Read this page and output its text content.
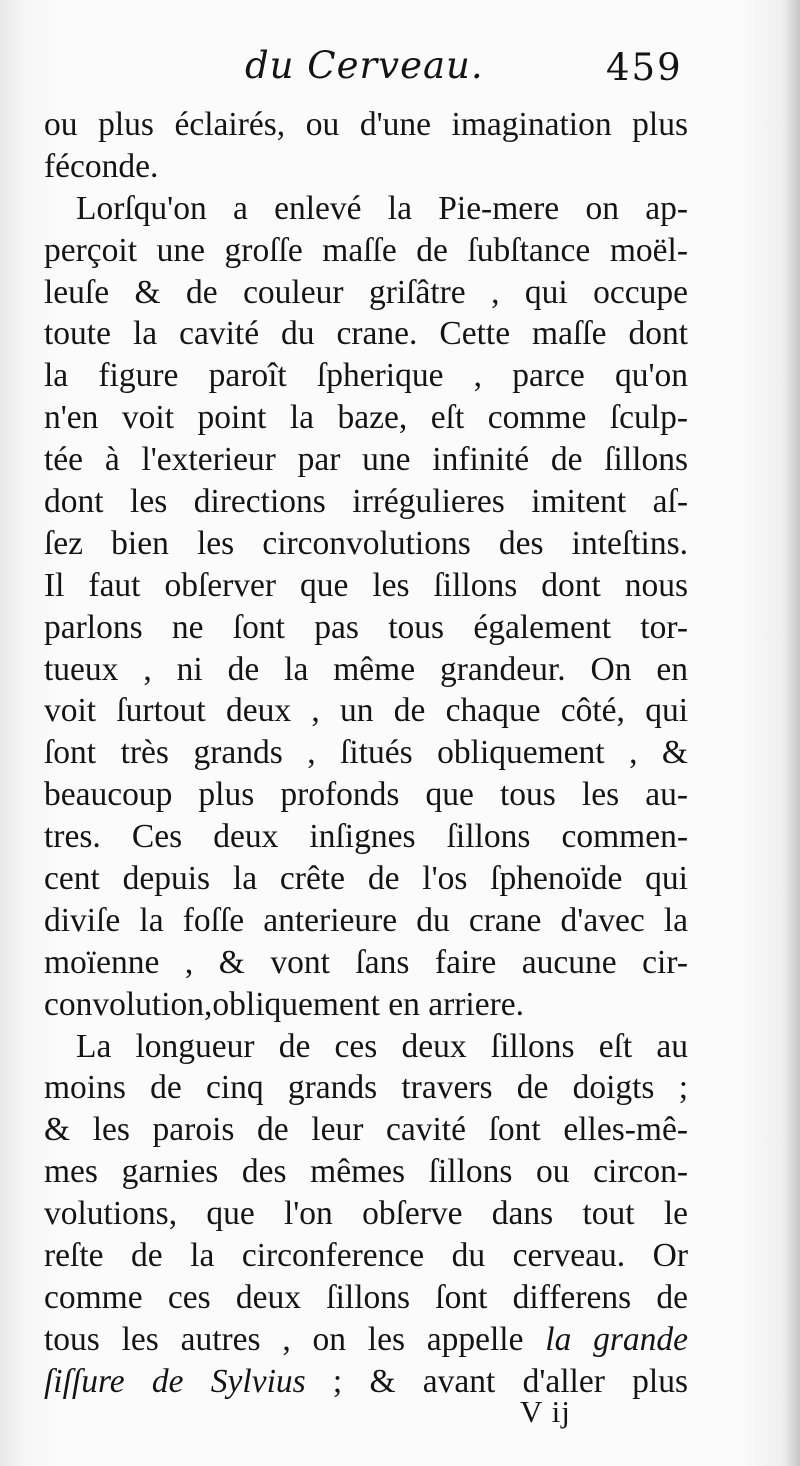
du Cerveau.	459
ou plus éclairés, ou d'une imagination plus
féconde.
Lorſqu'on a enlevé la Pie-mere on ap-
perçoit une groſſe maſſe de ſubſtance moël-
leuſe & de couleur griſâtre , qui occupe
toute la cavité du crane. Cette maſſe dont
la figure paroît ſpherique , parce qu'on
n'en voit point la baze, eſt comme ſculp-
tée à l'exterieur par une infinité de ſillons
dont les directions irrégulieres imitent aſ-
ſez bien les circonvolutions des inteſtins.
Il faut obſerver que les ſillons dont nous
parlons ne ſont pas tous également tor-
tueux , ni de la même grandeur. On en
voit ſurtout deux , un de chaque côté, qui
ſont très grands , ſitués obliquement , &
beaucoup plus profonds que tous les au-
tres. Ces deux inſignes ſillons commen-
cent depuis la crête de l'os ſphenoïde qui
diviſe la foſſe anterieure du crane d'avec la
moïenne , & vont ſans faire aucune cir-
convolution,obliquement en arriere.
La longueur de ces deux ſillons eſt au
moins de cinq grands travers de doigts ;
& les parois de leur cavité ſont elles-mê-
mes garnies des mêmes ſillons ou circon-
volutions, que l'on obſerve dans tout le
reſte de la circonference du cerveau. Or
comme ces deux ſillons ſont differens de
tous les autres , on les appelle la grande
ſiſſure de Sylvius ; & avant d'aller plus
V ij
